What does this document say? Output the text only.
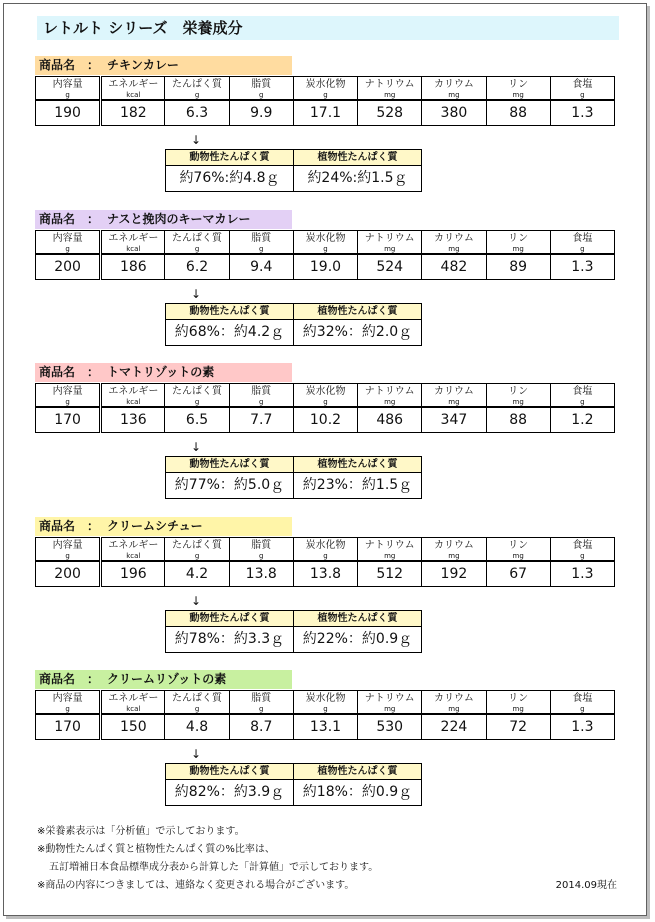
レトルト シリーズ　栄養成分
商品名　： チキンカレー
内容量	エネルギー	たんぱく質	脂質	炭水化物	ナトリウム	カリウム	リン	食塩
g	kcal	g	g	g	mg	mg	mg	g
190	182	6.3	9.9	17.1	528	380	88	1.3
↓
動物性たんぱく質	植物性たんぱく質
約76%:約4.8ｇ	約24%:約1.5ｇ
商品名　： ナスと挽肉のキーマカレー
内容量	エネルギー	たんぱく質	脂質	炭水化物	ナトリウム	カリウム	リン	食塩
g	kcal	g	g	g	mg	mg	mg	g
200	186	6.2	9.4	19.0	524	482	89	1.3
↓
動物性たんぱく質	植物性たんぱく質
約68%：約4.2ｇ	約32%：約2.0ｇ
商品名　： トマトリゾットの素
内容量	エネルギー	たんぱく質	脂質	炭水化物	ナトリウム	カリウム	リン	食塩
g	kcal	g	g	g	mg	mg	mg	g
170	136	6.5	7.7	10.2	486	347	88	1.2
↓
動物性たんぱく質	植物性たんぱく質
約77%：約5.0ｇ	約23%：約1.5ｇ
商品名　： クリームシチュー
内容量	エネルギー	たんぱく質	脂質	炭水化物	ナトリウム	カリウム	リン	食塩
g	kcal	g	g	g	mg	mg	mg	g
200	196	4.2	13.8	13.8	512	192	67	1.3
↓
動物性たんぱく質	植物性たんぱく質
約78%：約3.3ｇ	約22%：約0.9ｇ
商品名　： クリームリゾットの素
内容量	エネルギー	たんぱく質	脂質	炭水化物	ナトリウム	カリウム	リン	食塩
g	kcal	g	g	g	mg	mg	mg	g
170	150	4.8	8.7	13.1	530	224	72	1.3
↓
動物性たんぱく質	植物性たんぱく質
約82%：約3.9ｇ	約18%：約0.9ｇ
※栄養素表示は「分析値」で示しております。
※動物性たんぱく質と植物性たんぱく質の%比率は、
五訂増補日本食品標準成分表から計算した「計算値」で示しております。
※商品の内容につきましては、連絡なく変更される場合がございます。	2014.09現在
